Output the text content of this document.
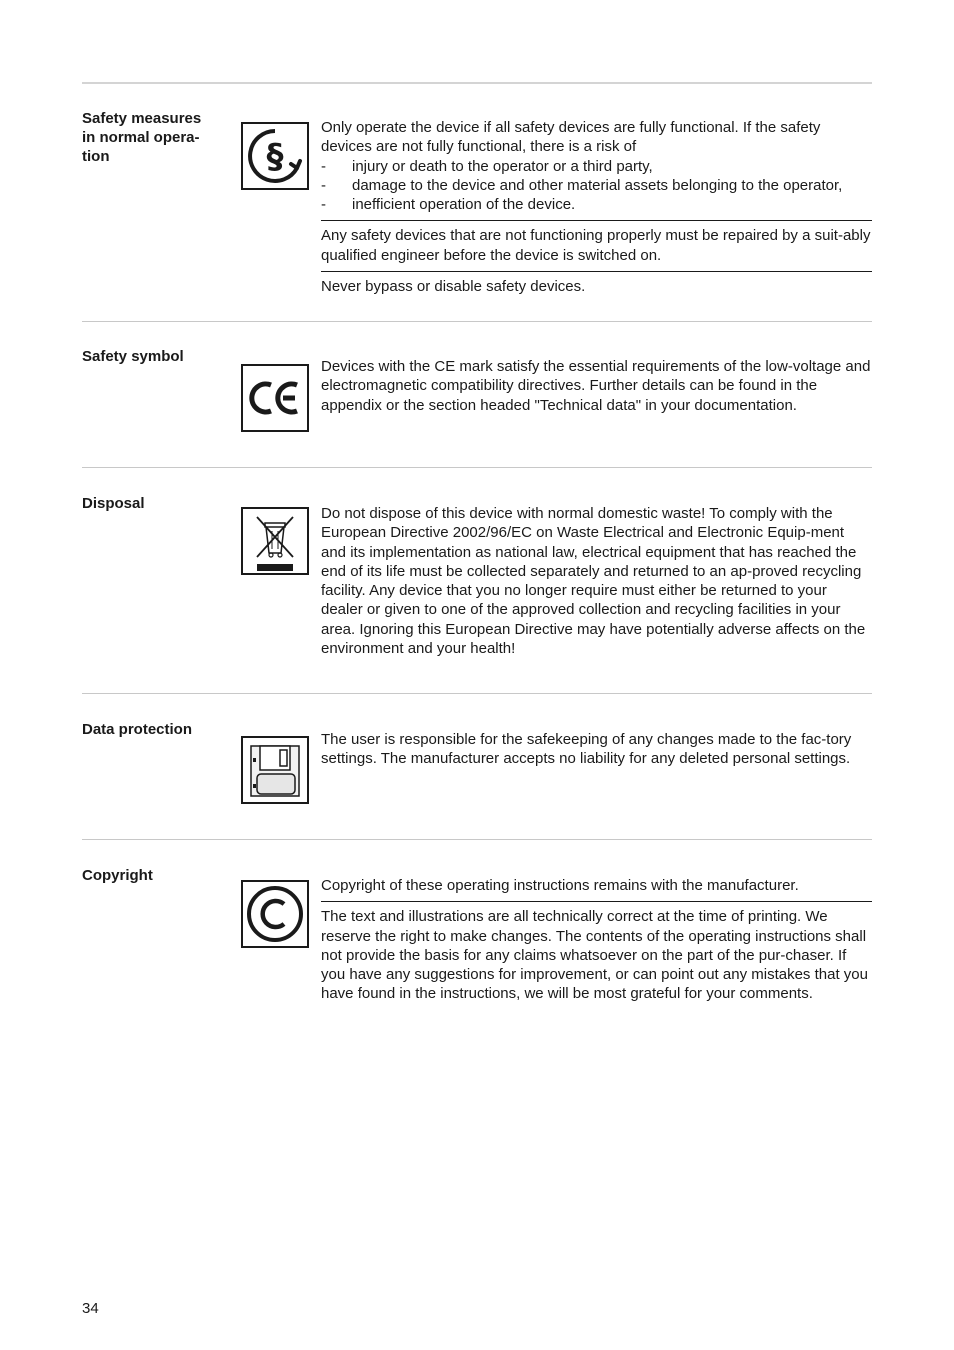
Safety measures
in normal opera-
tion	§
Only operate the device if all safety devices are fully functional. If the safety devices are not fully functional, there is a risk of
- injury or death to the operator or a third party,
- damage to the device and other material assets belonging to the operator,
- inefficient operation of the device.
Any safety devices that are not functioning properly must be repaired by a suit-ably qualified engineer before the device is switched on.
Never bypass or disable safety devices.
Safety symbol
Devices with the CE mark satisfy the essential requirements of the low-voltage and electromagnetic compatibility directives. Further details can be found in the appendix or the section headed "Technical data" in your documentation.
Disposal
Do not dispose of this device with normal domestic waste! To comply with the European Directive 2002/96/EC on Waste Electrical and Electronic Equip-ment and its implementation as national law, electrical equipment that has reached the end of its life must be collected separately and returned to an ap-proved recycling facility. Any device that you no longer require must either be returned to your dealer or given to one of the approved collection and recycling facilities in your area. Ignoring this European Directive may have potentially adverse affects on the environment and your health!
Data protection
The user is responsible for the safekeeping of any changes made to the fac-tory settings. The manufacturer accepts no liability for any deleted personal settings.
Copyright
Copyright of these operating instructions remains with the manufacturer.
The text and illustrations are all technically correct at the time of printing. We reserve the right to make changes. The contents of the operating instructions shall not provide the basis for any claims whatsoever on the part of the pur-chaser. If you have any suggestions for improvement, or can point out any mistakes that you have found in the instructions, we will be most grateful for your comments.
34
